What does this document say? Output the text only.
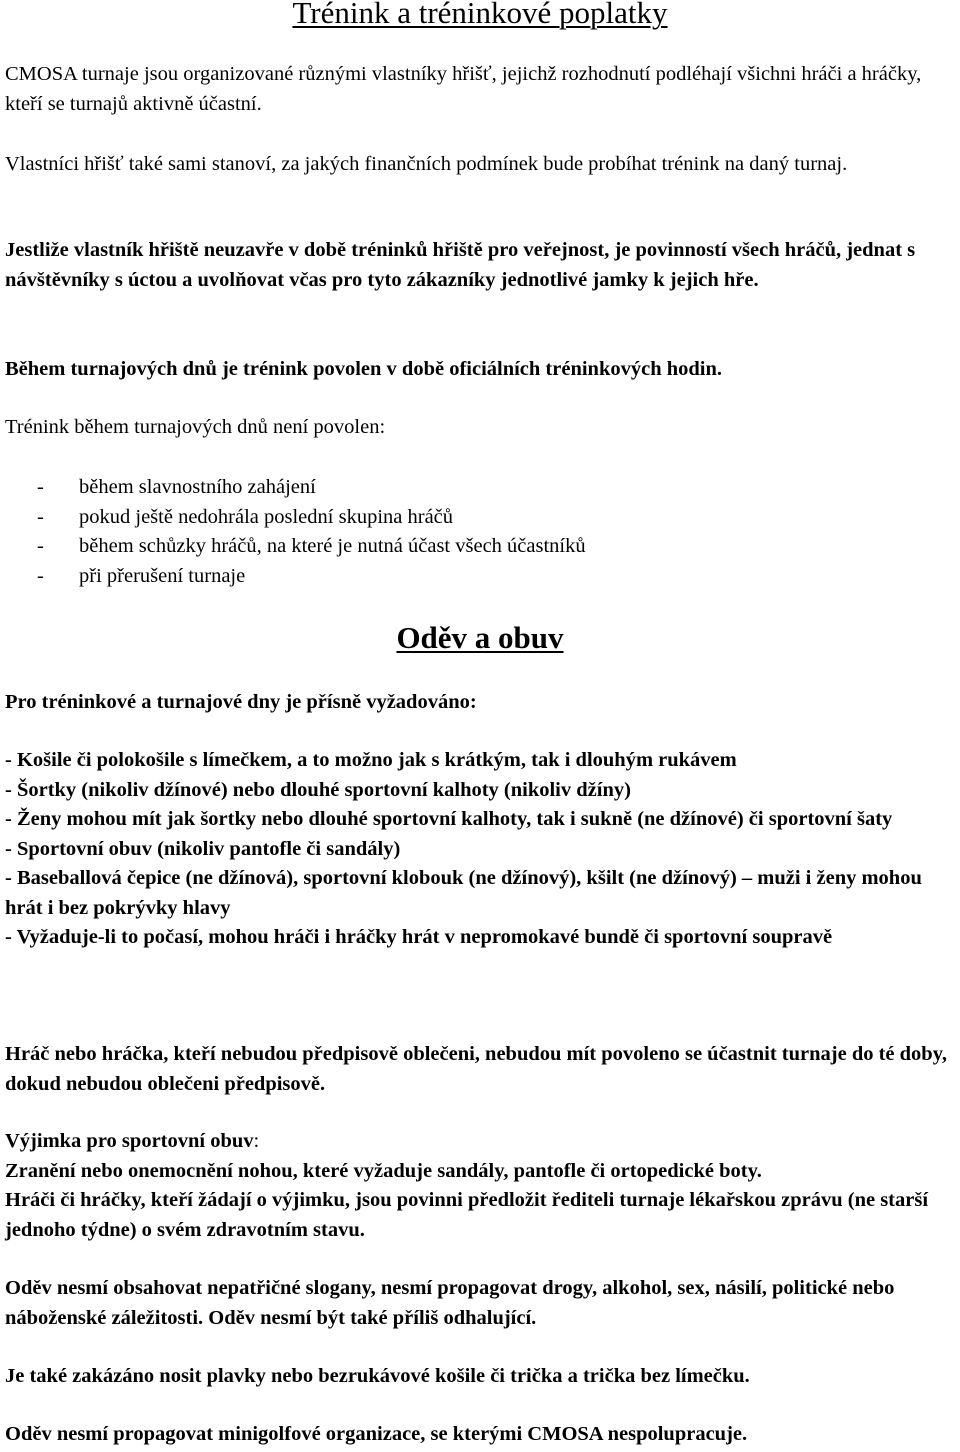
Trénink a tréninkové poplatky

CMOSA turnaje jsou organizované různými vlastníky hřišť, jejichž rozhodnutí podléhají všichni hráči a hráčky, kteří se turnajů aktivně účastní.

Vlastníci hřišť také sami stanoví, za jakých finančních podmínek bude probíhat trénink na daný turnaj.

Jestliže vlastník hřiště neuzavře v době tréninků hřiště pro veřejnost, je povinností všech hráčů, jednat s návštěvníky s úctou a uvolňovat včas pro tyto zákazníky jednotlivé jamky k jejich hře.

Během turnajových dnů je trénink povolen v době oficiálních tréninkových hodin.

Trénink během turnajových dnů není povolen:

- během slavnostního zahájení
- pokud ještě nedohrála poslední skupina hráčů
- během schůzky hráčů, na které je nutná účast všech účastníků
- při přerušení turnaje
Oděv a obuv

Pro tréninkové a turnajové dny je přísně vyžadováno:

- Košile či polokošile s límečkem, a to možno jak s krátkým, tak i dlouhým rukávem
- Šortky (nikoliv džínové) nebo dlouhé sportovní kalhoty (nikoliv džíny)
- Ženy mohou mít jak šortky nebo dlouhé sportovní kalhoty, tak i sukně (ne džínové) či sportovní šaty
- Sportovní obuv (nikoliv pantofle či sandály)
- Baseballová čepice (ne džínová), sportovní klobouk (ne džínový), kšilt (ne džínový) – muži i ženy mohou hrát i bez pokrývky hlavy
- Vyžaduje-li to počasí, mohou hráči i hráčky hrát v nepromokavé bundě či sportovní soupravě

Hráč nebo hráčka, kteří nebudou předpisově oblečeni, nebudou mít povoleno se účastnit turnaje do té doby, dokud nebudou oblečeni předpisově.

Výjimka pro sportovní obuv:
Zranění nebo onemocnění nohou, které vyžaduje sandály, pantofle či ortopedické boty.
Hráči či hráčky, kteří žádají o výjimku, jsou povinni předložit řediteli turnaje lékařskou zprávu (ne starší jednoho týdne) o svém zdravotním stavu.

Oděv nesmí obsahovat nepatřičné slogany, nesmí propagovat drogy, alkohol, sex, násilí, politické nebo náboženské záležitosti. Oděv nesmí být také příliš odhalující.

Je také zakázáno nosit plavky nebo bezrukávové košile či trička a trička bez límečku.

Oděv nesmí propagovat minigolfové organizace, se kterými CMOSA nespolupracuje.
